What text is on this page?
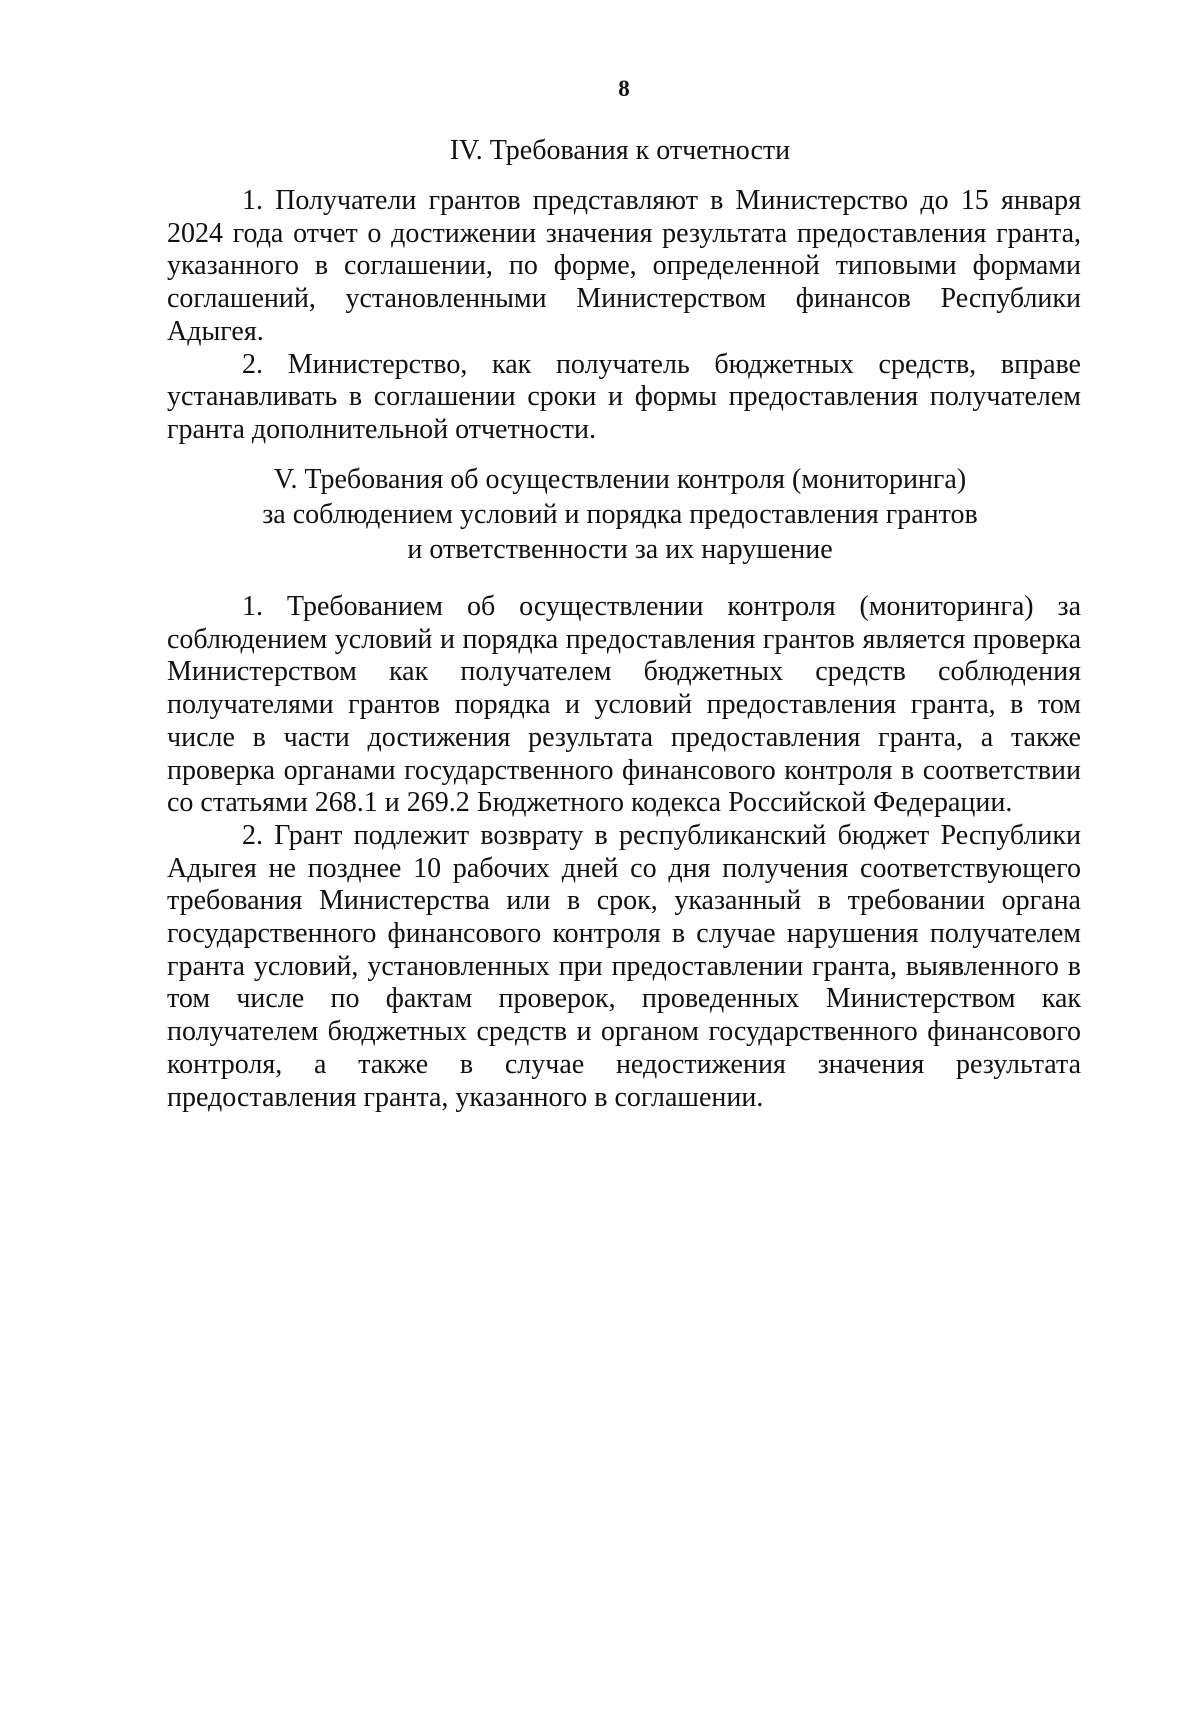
8
IV. Требования к отчетности

1. Получатели грантов представляют в Министерство до 15 января 2024 года отчет о достижении значения результата предоставления гранта, указанного в соглашении, по форме, определенной типовыми формами соглашений, установленными Министерством финансов Республики Адыгея.

2. Министерство, как получатель бюджетных средств, вправе устанавливать в соглашении сроки и формы предоставления получателем гранта дополнительной отчетности.

V. Требования об осуществлении контроля (мониторинга)
за соблюдением условий и порядка предоставления грантов
и ответственности за их нарушение

1. Требованием об осуществлении контроля (мониторинга) за соблюдением условий и порядка предоставления грантов является проверка Министерством как получателем бюджетных средств соблюдения получателями грантов порядка и условий предоставления гранта, в том числе в части достижения результата предоставления гранта, а также проверка органами государственного финансового контроля в соответствии со статьями 268.1 и 269.2 Бюджетного кодекса Российской Федерации.

2. Грант подлежит возврату в республиканский бюджет Республики Адыгея не позднее 10 рабочих дней со дня получения соответствующего требования Министерства или в срок, указанный в требовании органа государственного финансового контроля в случае нарушения получателем гранта условий, установленных при предоставлении гранта, выявленного в том числе по фактам проверок, проведенных Министерством как получателем бюджетных средств и органом государственного финансового контроля, а также в случае недостижения значения результата предоставления гранта, указанного в соглашении.
